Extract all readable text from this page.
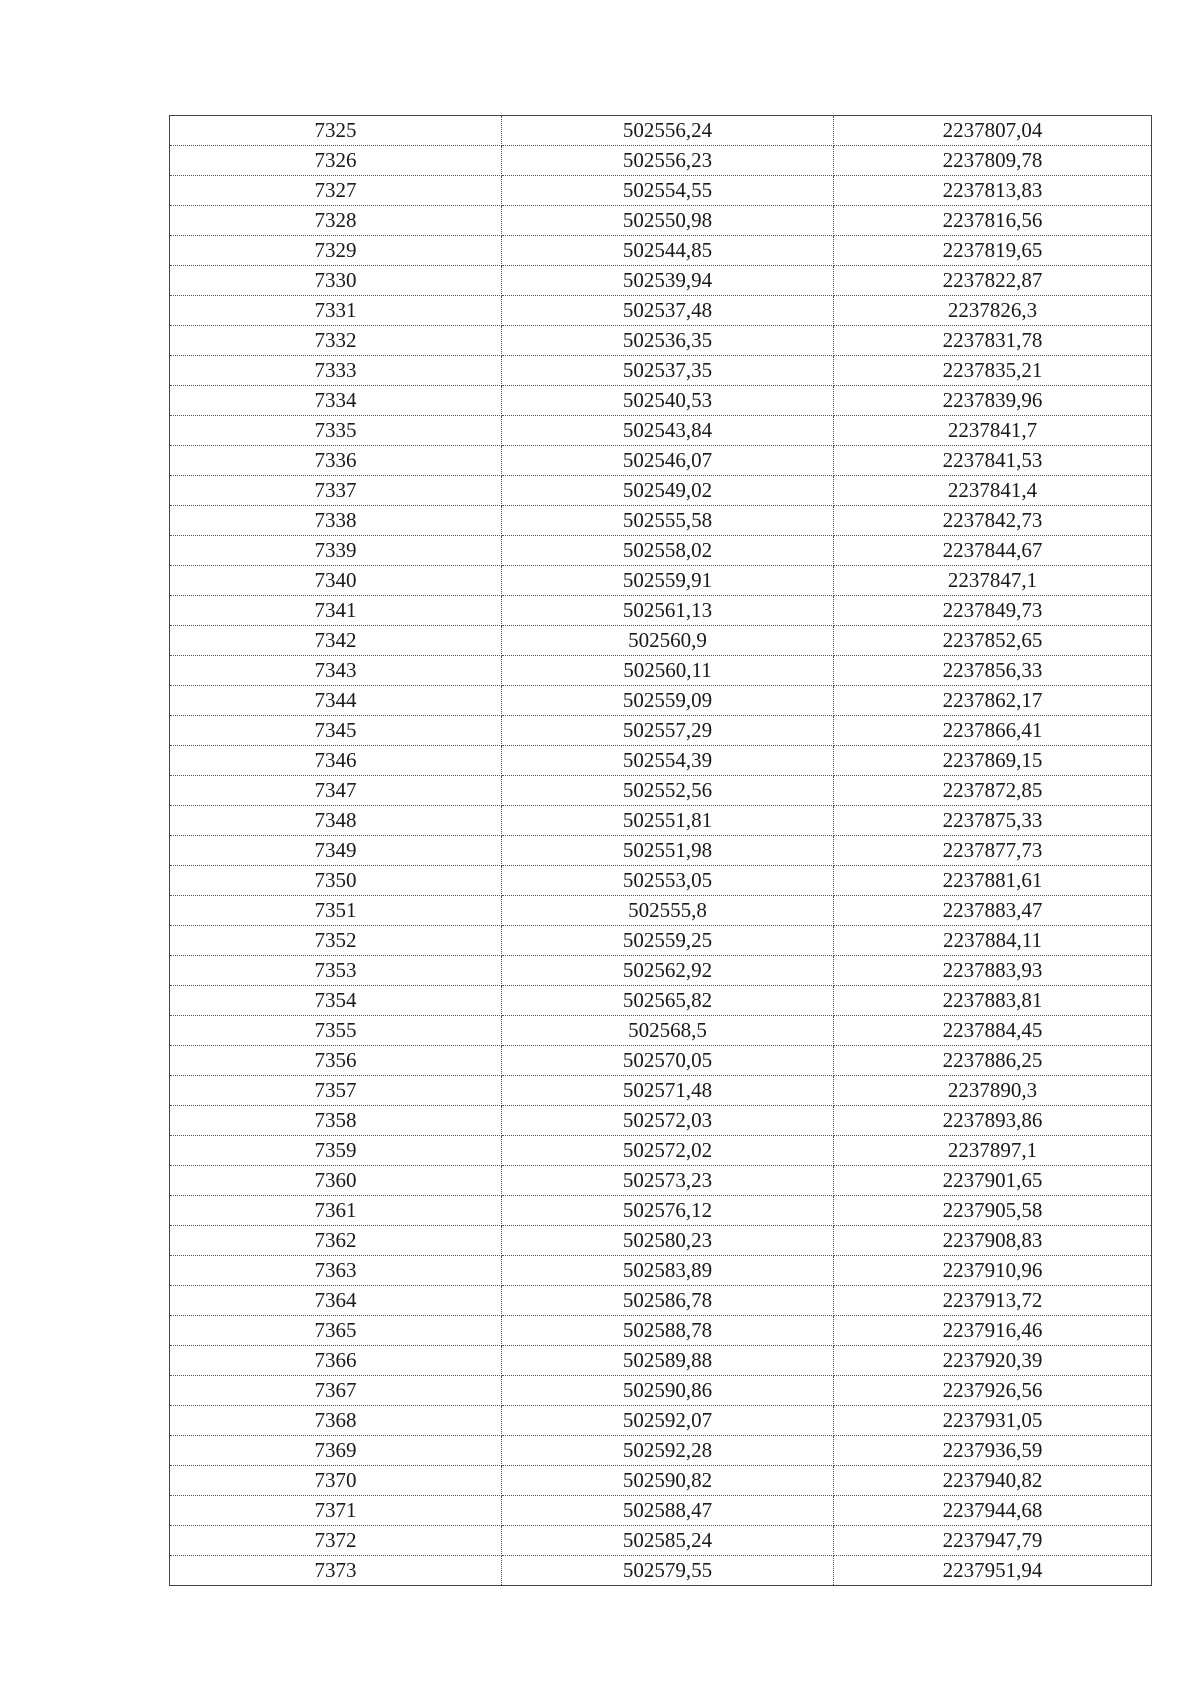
7325	502556,24	2237807,04
7326	502556,23	2237809,78
7327	502554,55	2237813,83
7328	502550,98	2237816,56
7329	502544,85	2237819,65
7330	502539,94	2237822,87
7331	502537,48	2237826,3
7332	502536,35	2237831,78
7333	502537,35	2237835,21
7334	502540,53	2237839,96
7335	502543,84	2237841,7
7336	502546,07	2237841,53
7337	502549,02	2237841,4
7338	502555,58	2237842,73
7339	502558,02	2237844,67
7340	502559,91	2237847,1
7341	502561,13	2237849,73
7342	502560,9	2237852,65
7343	502560,11	2237856,33
7344	502559,09	2237862,17
7345	502557,29	2237866,41
7346	502554,39	2237869,15
7347	502552,56	2237872,85
7348	502551,81	2237875,33
7349	502551,98	2237877,73
7350	502553,05	2237881,61
7351	502555,8	2237883,47
7352	502559,25	2237884,11
7353	502562,92	2237883,93
7354	502565,82	2237883,81
7355	502568,5	2237884,45
7356	502570,05	2237886,25
7357	502571,48	2237890,3
7358	502572,03	2237893,86
7359	502572,02	2237897,1
7360	502573,23	2237901,65
7361	502576,12	2237905,58
7362	502580,23	2237908,83
7363	502583,89	2237910,96
7364	502586,78	2237913,72
7365	502588,78	2237916,46
7366	502589,88	2237920,39
7367	502590,86	2237926,56
7368	502592,07	2237931,05
7369	502592,28	2237936,59
7370	502590,82	2237940,82
7371	502588,47	2237944,68
7372	502585,24	2237947,79
7373	502579,55	2237951,94
